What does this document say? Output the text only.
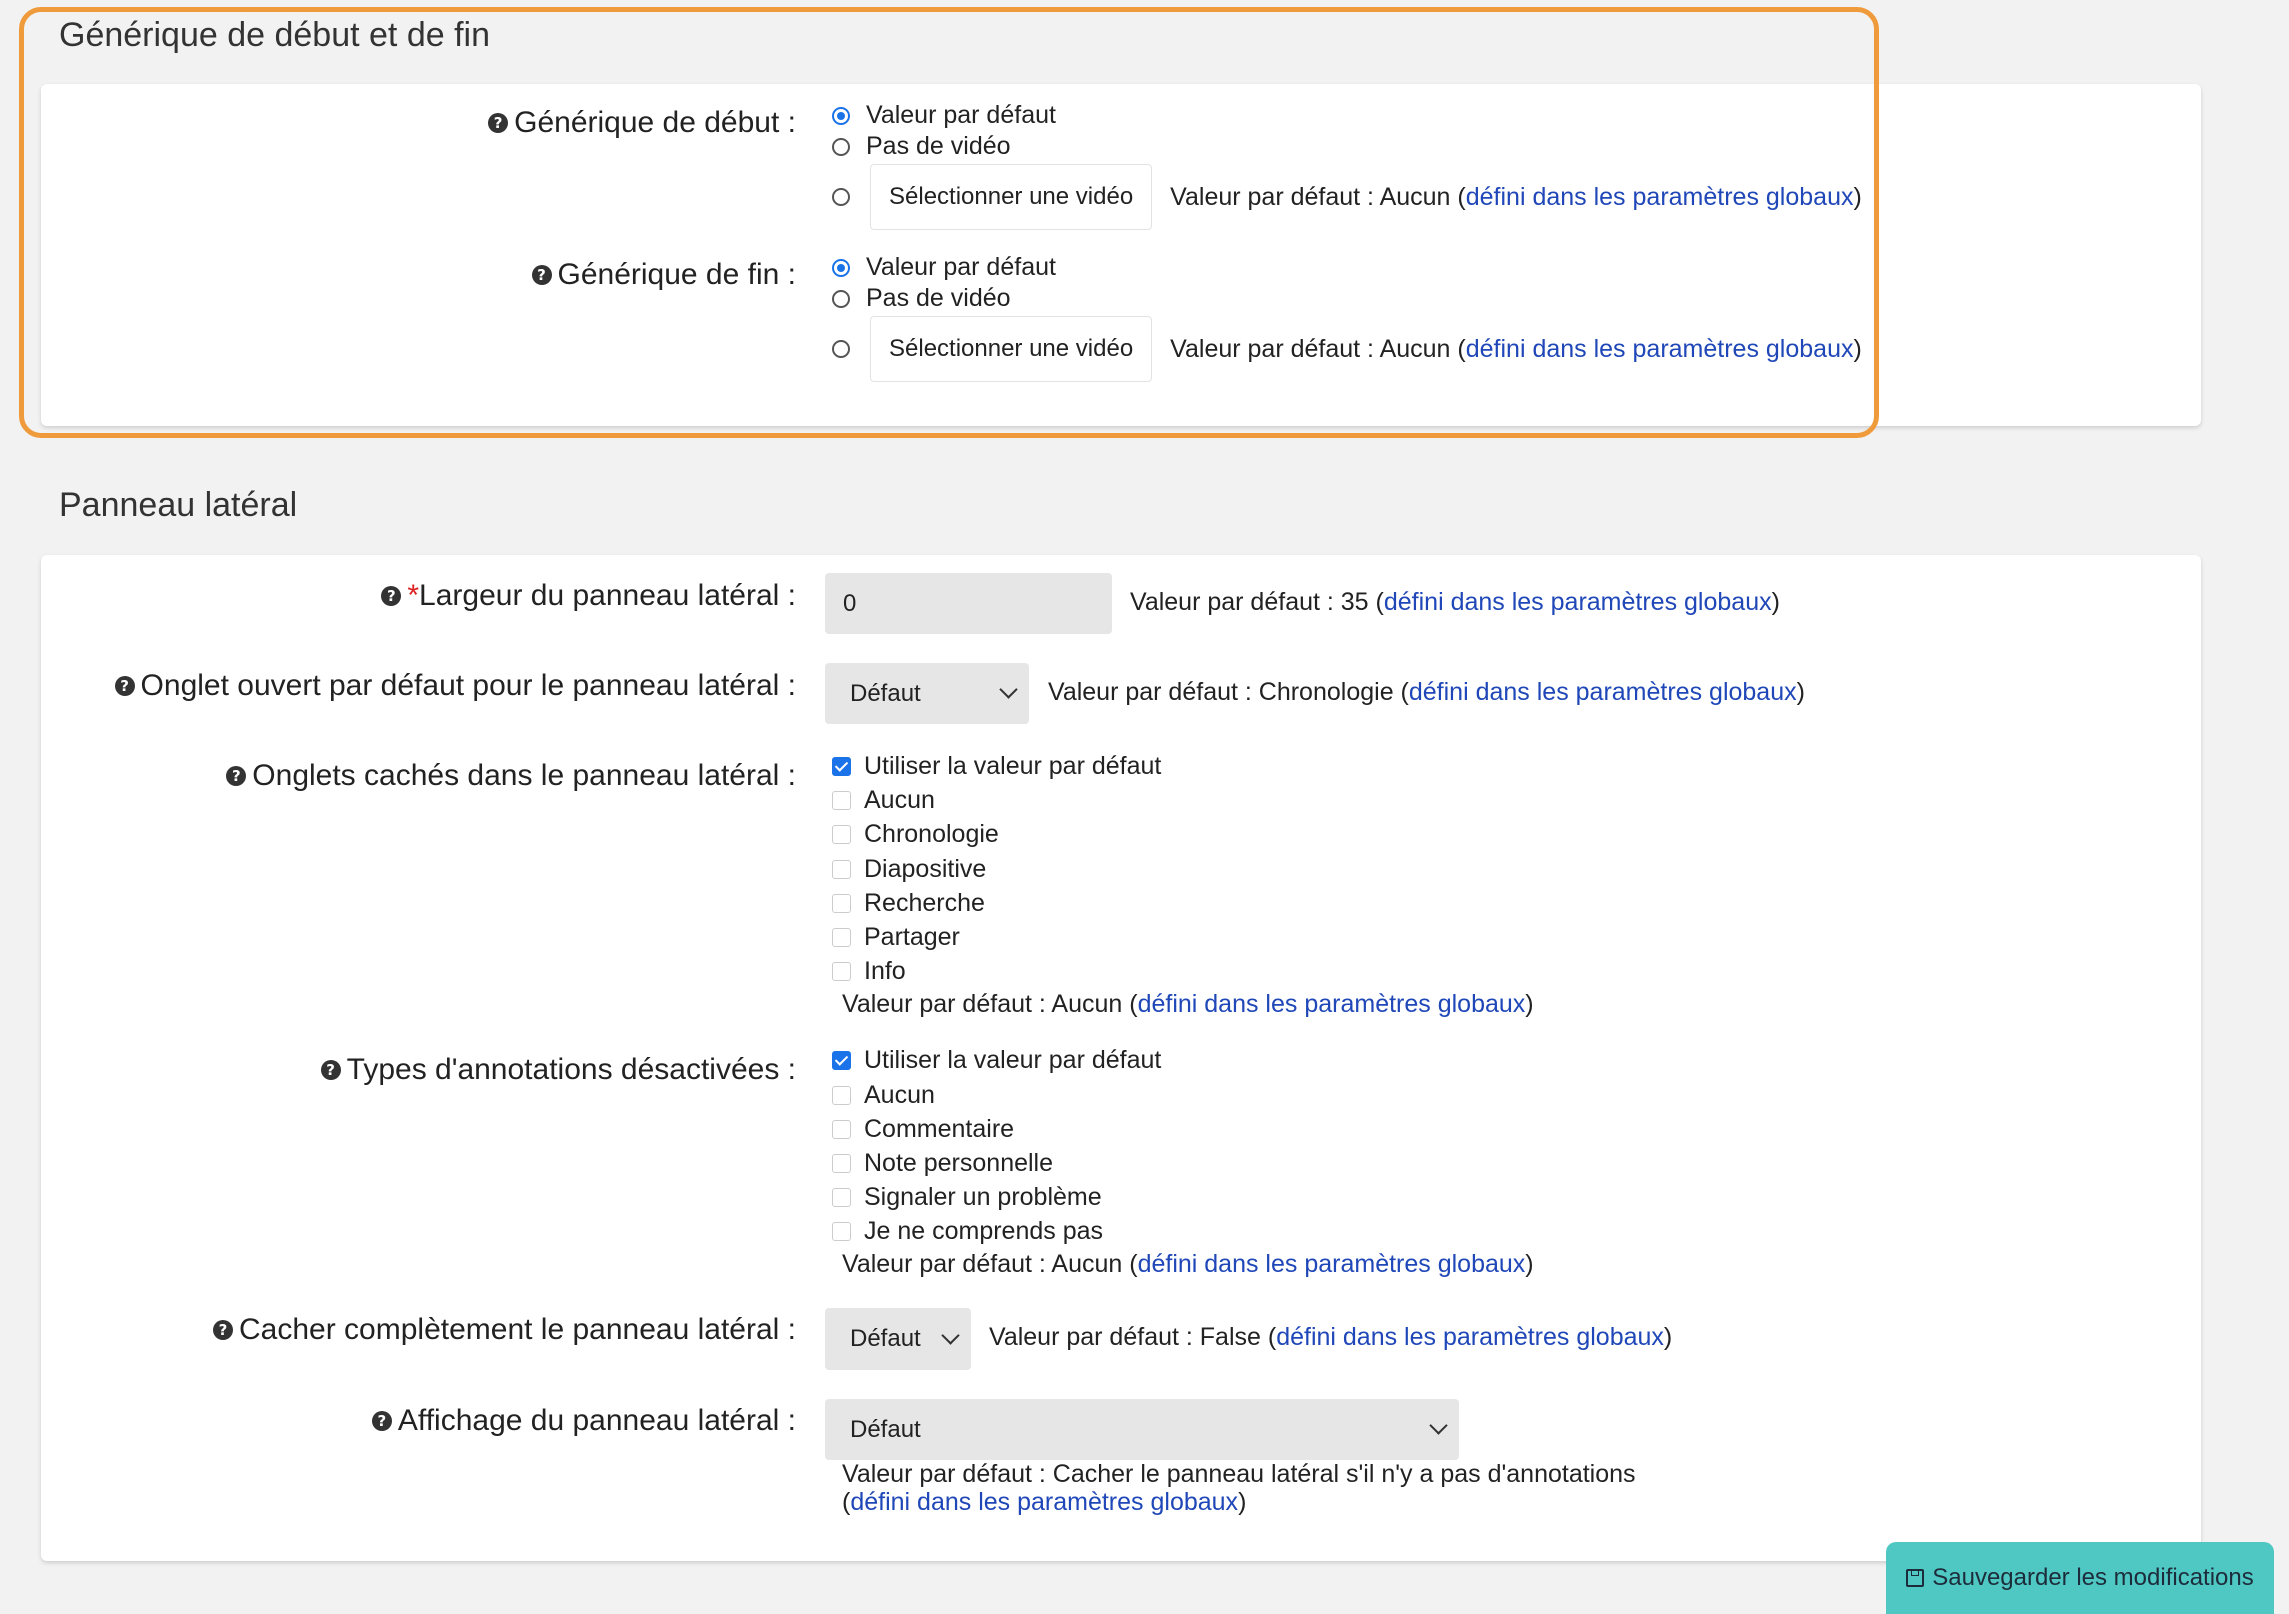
Générique de début et de fin
? Générique de début :	Valeur par défaut
Pas de vidéo
Sélectionner une vidéo	Valeur par défaut : Aucun (défini dans les paramètres globaux)
? Générique de fin :	Valeur par défaut
Pas de vidéo
Sélectionner une vidéo	Valeur par défaut : Aucun (défini dans les paramètres globaux)
Panneau latéral
? *Largeur du panneau latéral :	0	Valeur par défaut : 35 (défini dans les paramètres globaux)
? Onglet ouvert par défaut pour le panneau latéral : Défaut	Valeur par défaut : Chronologie (défini dans les paramètres globaux)
? Onglets cachés dans le panneau latéral :	Utiliser la valeur par défaut
Aucun
Chronologie
Diapositive
Recherche
Partager
Info
Valeur par défaut : Aucun (défini dans les paramètres globaux)
? Types d'annotations désactivées :	Utiliser la valeur par défaut
Aucun
Commentaire
Note personnelle
Signaler un problème
Je ne comprends pas
Valeur par défaut : Aucun (défini dans les paramètres globaux)
? Cacher complètement le panneau latéral : Défaut	Valeur par défaut : False (défini dans les paramètres globaux)
? Affichage du panneau latéral : Défaut
Valeur par défaut : Cacher le panneau latéral s'il n'y a pas d'annotations
(défini dans les paramètres globaux)
Sauvegarder les modifications
